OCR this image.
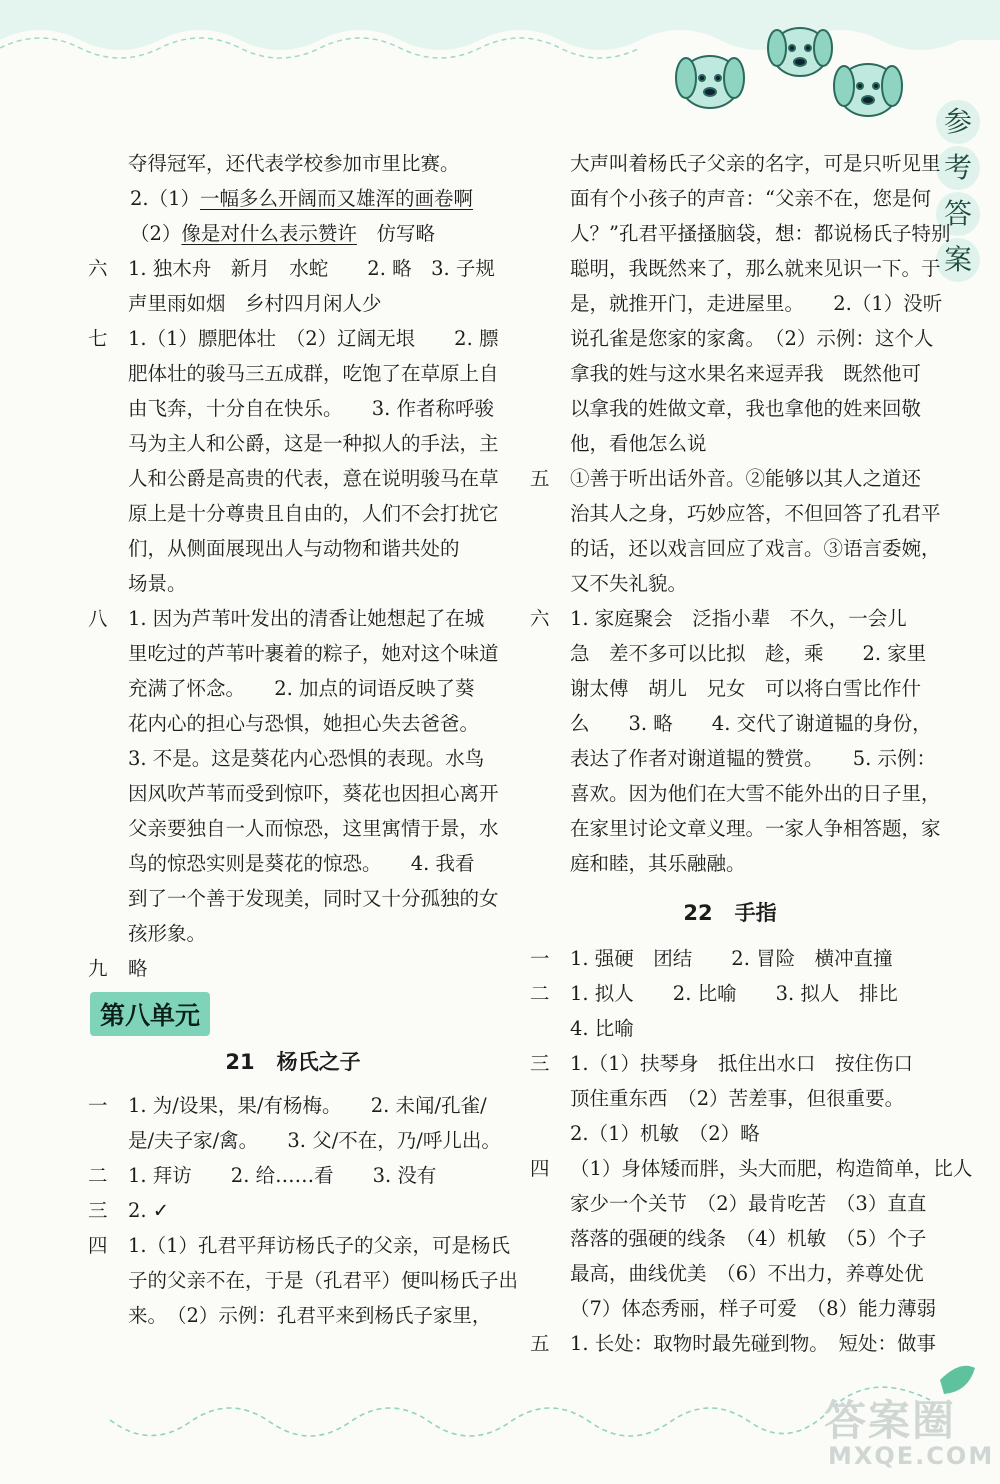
参
考
答
案
夺得冠军，还代表学校参加市里比赛。
2.（1）一幅多么开阔而又雄浑的画卷啊
（2）像是对什么表示赞许　仿写略
六 1. 独木舟　新月　水蛇　　2. 略　3. 子规
声里雨如烟　乡村四月闲人少
七 1.（1）膘肥体壮　（2）辽阔无垠　　2. 膘
肥体壮的骏马三五成群，吃饱了在草原上自
由飞奔，十分自在快乐。　　3. 作者称呼骏
马为主人和公爵，这是一种拟人的手法，主
人和公爵是高贵的代表，意在说明骏马在草
原上是十分尊贵且自由的，人们不会打扰它
们，从侧面展现出人与动物和谐共处的
场景。
八 1. 因为芦苇叶发出的清香让她想起了在城
里吃过的芦苇叶裹着的粽子，她对这个味道
充满了怀念。　　2. 加点的词语反映了葵
花内心的担心与恐惧，她担心失去爸爸。
3. 不是。这是葵花内心恐惧的表现。水鸟
因风吹芦苇而受到惊吓，葵花也因担心离开
父亲要独自一人而惊恐，这里寓情于景，水
鸟的惊恐实则是葵花的惊恐。　　4. 我看
到了一个善于发现美，同时又十分孤独的女
孩形象。
九 略
第八单元
21 杨氏之子
一 1. 为/设果，果/有杨梅。　　2. 未闻/孔雀/
是/夫子家/禽。　　3. 父/不在，乃/呼儿出。
二 1. 拜访　　2. 给……看　　3. 没有
三 2. ✓
四 1.（1）孔君平拜访杨氏子的父亲，可是杨氏
子的父亲不在，于是（孔君平）便叫杨氏子出
来。　（2）示例：孔君平来到杨氏子家里，
大声叫着杨氏子父亲的名字，可是只听见里
面有个小孩子的声音：“父亲不在，您是何
人？”孔君平搔搔脑袋，想：都说杨氏子特别
聪明，我既然来了，那么就来见识一下。于
是，就推开门，走进屋里。　　2.（1）没听
说孔雀是您家的家禽。　（2）示例：这个人
拿我的姓与这水果名来逗弄我　既然他可
以拿我的姓做文章，我也拿他的姓来回敬
他，看他怎么说
五 ①善于听出话外音。②能够以其人之道还
治其人之身，巧妙应答，不但回答了孔君平
的话，还以戏言回应了戏言。③语言委婉，
又不失礼貌。
六 1. 家庭聚会　泛指小辈　不久，一会儿
急　差不多可以比拟　趁，乘　　2. 家里
谢太傅　胡儿　兄女　可以将白雪比作什
么　　3. 略　　4. 交代了谢道韫的身份，
表达了作者对谢道韫的赞赏。　　5. 示例：
喜欢。因为他们在大雪不能外出的日子里，
在家里讨论文章义理。一家人争相答题，家
庭和睦，其乐融融。
22 手指
一 1. 强硬　团结　　2. 冒险　横冲直撞
二 1. 拟人　　2. 比喻　　3. 拟人　排比
4. 比喻
三 1.（1）扶琴身　抵住出水口　按住伤口
顶住重东西　（2）苦差事，但很重要。
2.（1）机敏　（2）略
四 （1）身体矮而胖，头大而肥，构造简单，比人
家少一个关节　（2）最肯吃苦　（3）直直
落落的强硬的线条　（4）机敏　（5）个子
最高，曲线优美　（6）不出力，养尊处优
（7）体态秀丽，样子可爱　（8）能力薄弱
五 1. 长处：取物时最先碰到物。　短处：做事
答案圈
MXQE.COM
